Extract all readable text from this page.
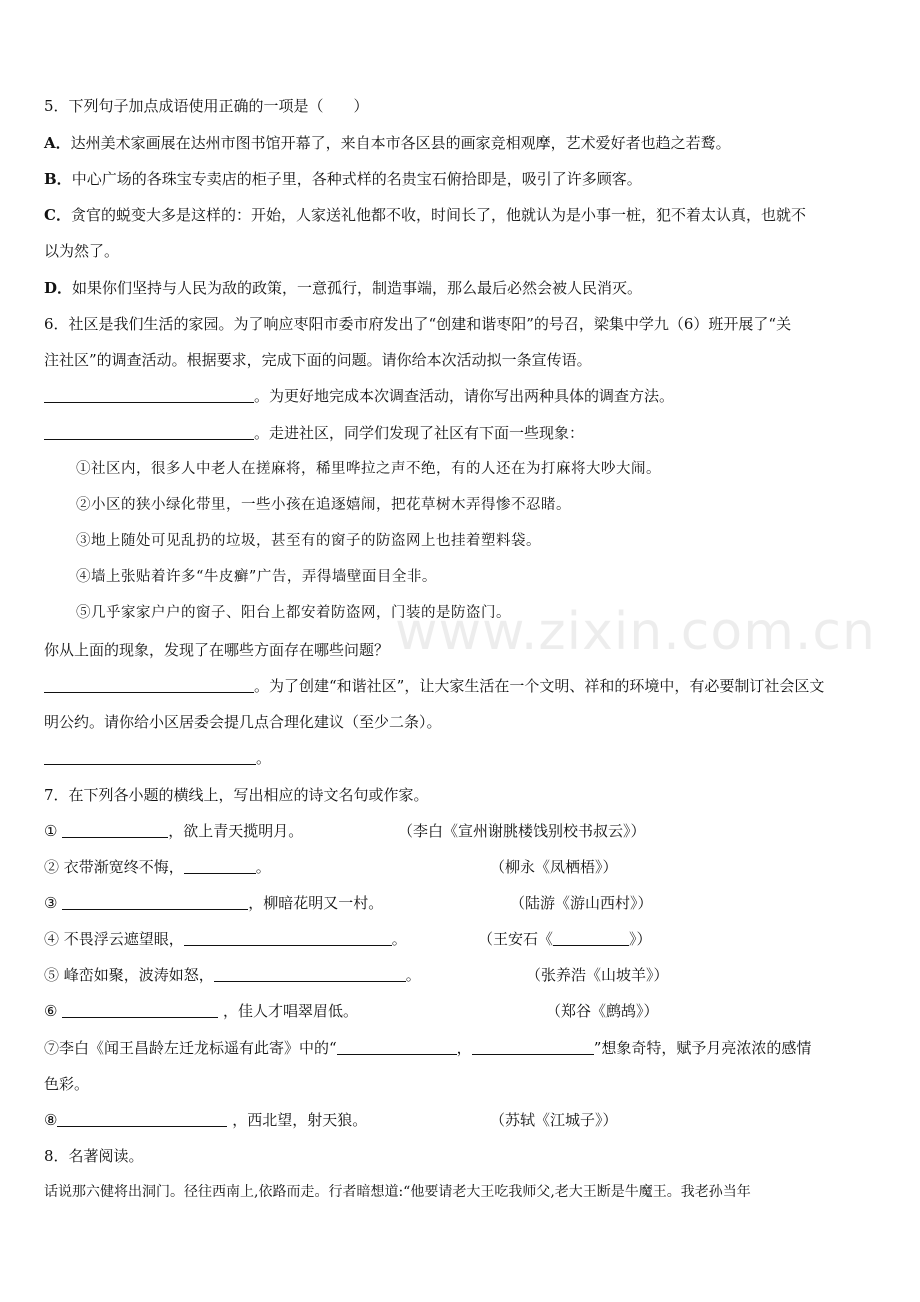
www.zixin.com.cn
5．下列句子加点成语使用正确的一项是（　　）
A．达州美术家画展在达州市图书馆开幕了，来自本市各区县的画家竞相观摩，艺术爱好者也趋之若鹜。
B．中心广场的各珠宝专卖店的柜子里，各种式样的名贵宝石俯拾即是，吸引了许多顾客。
C．贪官的蜕变大多是这样的：开始，人家送礼他都不收，时间长了，他就认为是小事一桩，犯不着太认真，也就不
以为然了。
D．如果你们坚持与人民为敌的政策，一意孤行，制造事端，那么最后必然会被人民消灭。
6．社区是我们生活的家园。为了响应枣阳市委市府发出了“创建和谐枣阳”的号召，梁集中学九（6）班开展了“关
注社区”的调查活动。根据要求，完成下面的问题。请你给本次活动拟一条宣传语。
。为更好地完成本次调查活动，请你写出两种具体的调查方法。
。走进社区，同学们发现了社区有下面一些现象：
①社区内，很多人中老人在搓麻将，稀里哗拉之声不绝，有的人还在为打麻将大吵大闹。
②小区的狭小绿化带里，一些小孩在追逐嬉闹，把花草树木弄得惨不忍睹。
③地上随处可见乱扔的垃圾，甚至有的窗子的防盗网上也挂着塑料袋。
④墙上张贴着许多“牛皮癣”广告，弄得墙壁面目全非。
⑤几乎家家户户的窗子、阳台上都安着防盗网，门装的是防盗门。
你从上面的现象，发现了在哪些方面存在哪些问题？
。为了创建“和谐社区”，让大家生活在一个文明、祥和的环境中，有必要制订社会区文
明公约。请你给小区居委会提几点合理化建议（至少二条）。
。
7．在下列各小题的横线上，写出相应的诗文名句或作家。
①	，欲上青天揽明月。	（李白《宣州谢朓楼饯别校书叔云》）
② 衣带渐宽终不悔，	。	（柳永《凤栖梧》）
③	，柳暗花明又一村。	（陆游《游山西村》）
④ 不畏浮云遮望眼，	。	（王安石《	》）
⑤ 峰峦如聚，波涛如怒，	。	（张养浩《山坡羊》）
⑥	，佳人才唱翠眉低。	（郑谷《鹧鸪》）
⑦李白《闻王昌龄左迁龙标遥有此寄》中的“	，	”想象奇特，赋予月亮浓浓的感情
色彩。
⑧	，西北望，射天狼。	（苏轼《江城子》）
8．名著阅读。
话说那六健将出洞门。径往西南上,依路而走。行者暗想道:“他要请老大王吃我师父,老大王断是牛魔王。我老孙当年
